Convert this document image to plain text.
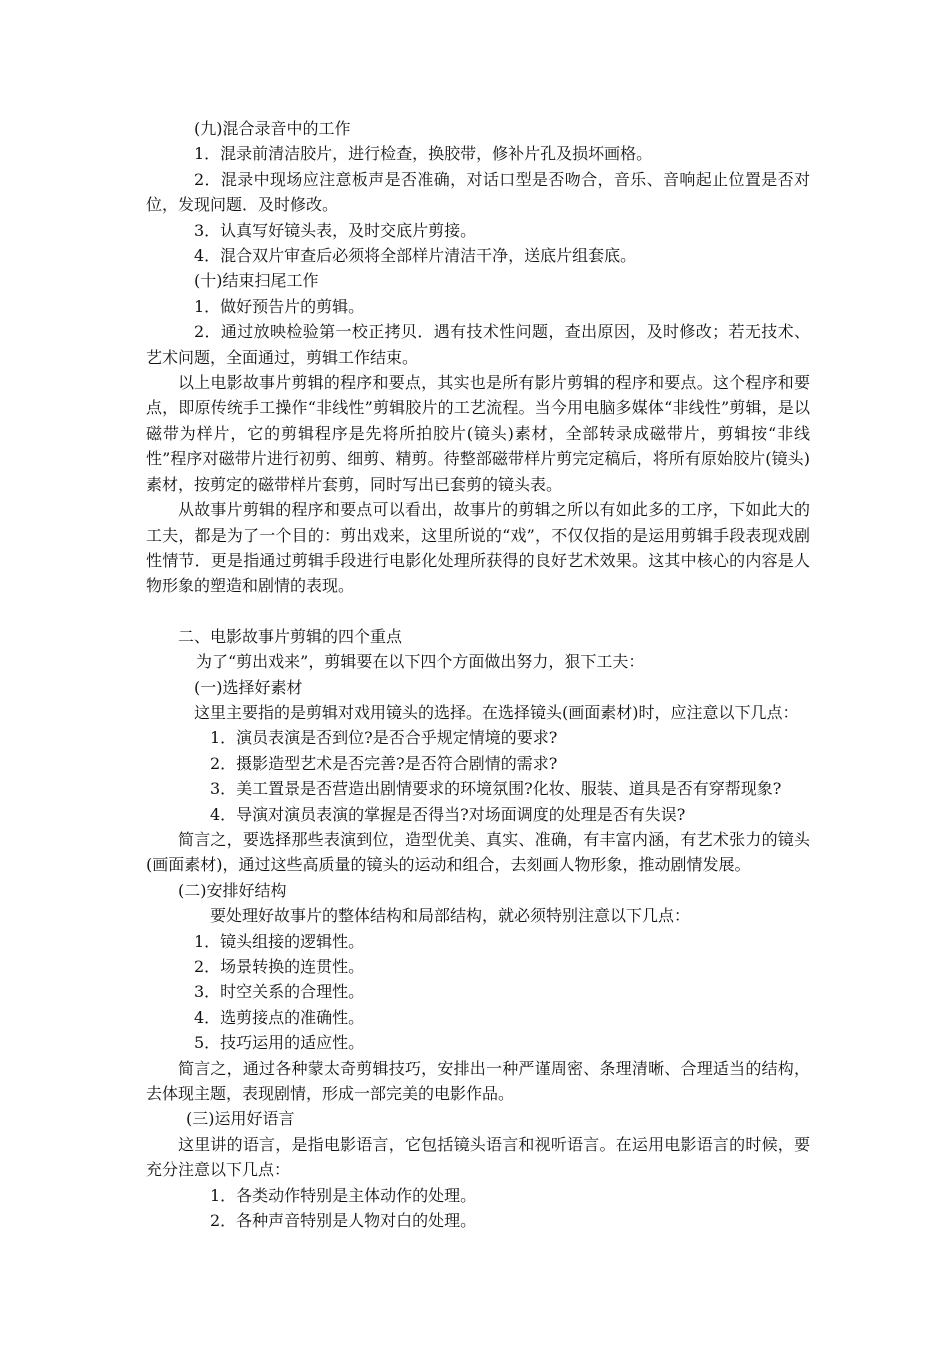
(九)混合录音中的工作
1．混录前清洁胶片，进行检查，换胶带，修补片孔及损坏画格。
2．混录中现场应注意板声是否准确，对话口型是否吻合，音乐、音响起止位置是否对位，发现问题．及时修改。
3．认真写好镜头表，及时交底片剪接。
4．混合双片审查后必须将全部样片清洁干净，送底片组套底。
(十)结束扫尾工作
1．做好预告片的剪辑。
2．通过放映检验第一校正拷贝．遇有技术性问题，查出原因，及时修改；若无技术、艺术问题，全面通过，剪辑工作结束。
以上电影故事片剪辑的程序和要点，其实也是所有影片剪辑的程序和要点。这个程序和要点，即原传统手工操作“非线性”剪辑胶片的工艺流程。当今用电脑多媒体“非线性”剪辑，是以磁带为样片，它的剪辑程序是先将所拍胶片(镜头)素材，全部转录成磁带片，剪辑按“非线性”程序对磁带片进行初剪、细剪、精剪。待整部磁带样片剪完定稿后，将所有原始胶片(镜头)素材，按剪定的磁带样片套剪，同时写出已套剪的镜头表。
从故事片剪辑的程序和要点可以看出，故事片的剪辑之所以有如此多的工序，下如此大的工夫，都是为了一个目的：剪出戏来，这里所说的“戏”，不仅仅指的是运用剪辑手段表现戏剧性情节．更是指通过剪辑手段进行电影化处理所获得的良好艺术效果。这其中核心的内容是人物形象的塑造和剧情的表现。
二、电影故事片剪辑的四个重点
为了“剪出戏来”，剪辑要在以下四个方面做出努力，狠下工夫：
(一)选择好素材
这里主要指的是剪辑对戏用镜头的选择。在选择镜头(画面素材)时，应注意以下几点：
1．演员表演是否到位?是否合乎规定情境的要求?
2．摄影造型艺术是否完善?是否符合剧情的需求?
3．美工置景是否营造出剧情要求的环境氛围?化妆、服装、道具是否有穿帮现象?
4．导演对演员表演的掌握是否得当?对场面调度的处理是否有失误?
简言之，要选择那些表演到位，造型优美、真实、准确，有丰富内涵，有艺术张力的镜头(画面素材)，通过这些高质量的镜头的运动和组合，去刻画人物形象，推动剧情发展。
(二)安排好结构
要处理好故事片的整体结构和局部结构，就必须特别注意以下几点：
1．镜头组接的逻辑性。
2．场景转换的连贯性。
3．时空关系的合理性。
4．选剪接点的准确性。
5．技巧运用的适应性。
简言之，通过各种蒙太奇剪辑技巧，安排出一种严谨周密、条理清晰、合理适当的结构，去体现主题，表现剧情，形成一部完美的电影作品。
(三)运用好语言
这里讲的语言，是指电影语言，它包括镜头语言和视听语言。在运用电影语言的时候，要充分注意以下几点：
1．各类动作特别是主体动作的处理。
2．各种声音特别是人物对白的处理。
